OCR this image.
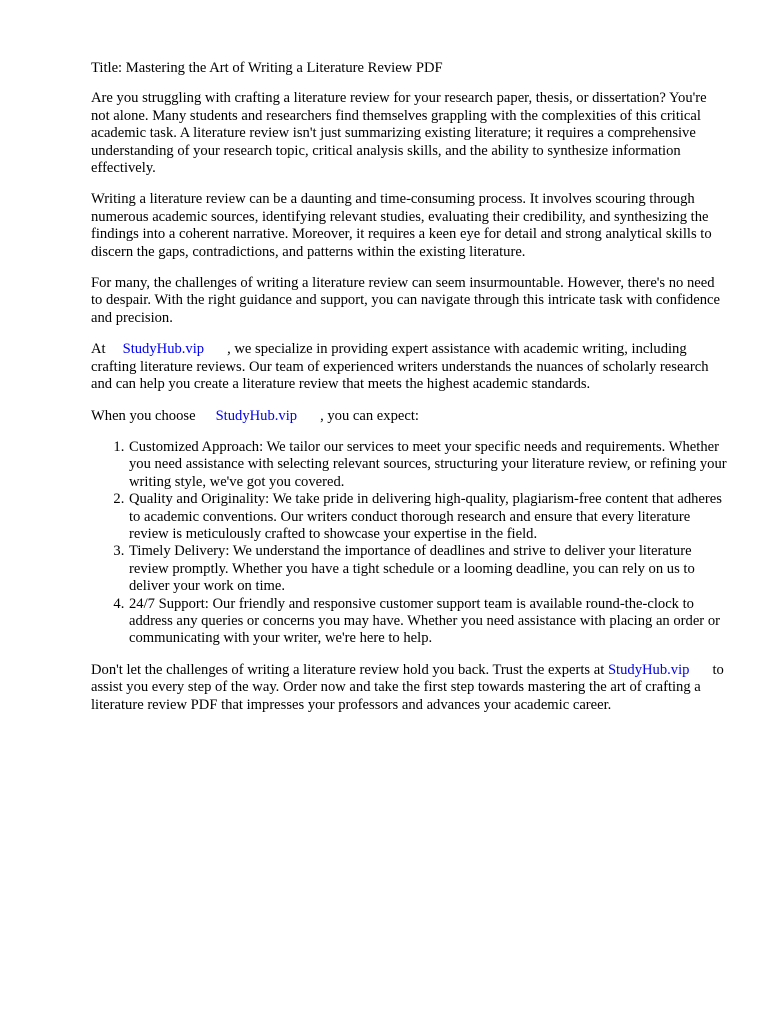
Title: Mastering the Art of Writing a Literature Review PDF

Are you struggling with crafting a literature review for your research paper, thesis, or dissertation? You're not alone. Many students and researchers find themselves grappling with the complexities of this critical academic task. A literature review isn't just summarizing existing literature; it requires a comprehensive understanding of your research topic, critical analysis skills, and the ability to synthesize information effectively.

Writing a literature review can be a daunting and time-consuming process. It involves scouring through numerous academic sources, identifying relevant studies, evaluating their credibility, and synthesizing the findings into a coherent narrative. Moreover, it requires a keen eye for detail and strong analytical skills to discern the gaps, contradictions, and patterns within the existing literature.

For many, the challenges of writing a literature review can seem insurmountable. However, there's no need to despair. With the right guidance and support, you can navigate through this intricate task with confidence and precision.

At StudyHub.vip , we specialize in providing expert assistance with academic writing, including crafting literature reviews. Our team of experienced writers understands the nuances of scholarly research and can help you create a literature review that meets the highest academic standards.

When you choose StudyHub.vip , you can expect:

1. Customized Approach: We tailor our services to meet your specific needs and requirements. Whether you need assistance with selecting relevant sources, structuring your literature review, or refining your writing style, we've got you covered.
2. Quality and Originality: We take pride in delivering high-quality, plagiarism-free content that adheres to academic conventions. Our writers conduct thorough research and ensure that every literature review is meticulously crafted to showcase your expertise in the field.
3. Timely Delivery: We understand the importance of deadlines and strive to deliver your literature review promptly. Whether you have a tight schedule or a looming deadline, you can rely on us to deliver your work on time.
4. 24/7 Support: Our friendly and responsive customer support team is available round-the-clock to address any queries or concerns you may have. Whether you need assistance with placing an order or communicating with your writer, we're here to help.

Don't let the challenges of writing a literature review hold you back. Trust the experts at StudyHub.vip to assist you every step of the way. Order now and take the first step towards mastering the art of crafting a literature review PDF that impresses your professors and advances your academic career.
